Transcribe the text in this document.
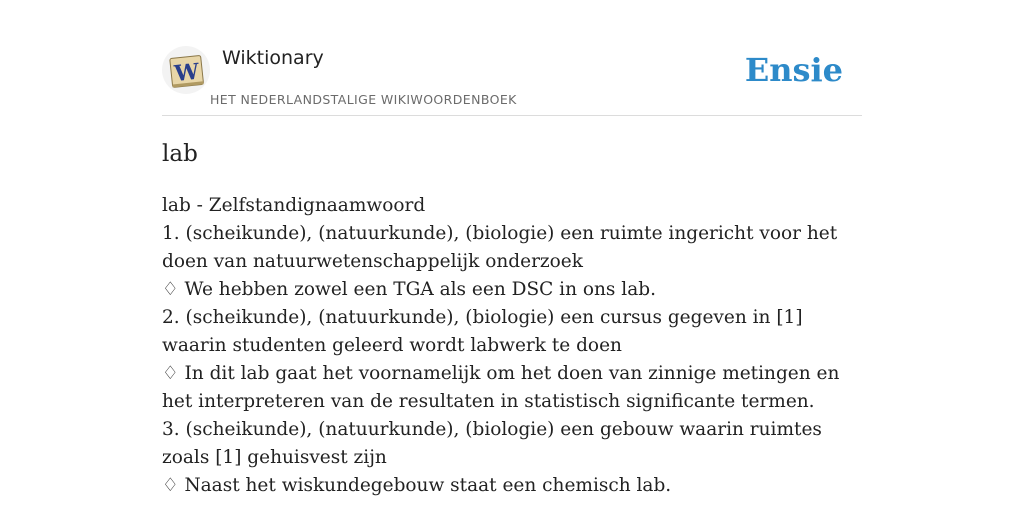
W
Wiktionary
HET NEDERLANDSTALIGE WIKIWOORDENBOEK
Ensie
lab

lab - Zelfstandignaamwoord

1. (scheikunde), (natuurkunde), (biologie) een ruimte ingericht voor het doen van natuurwetenschappelijk onderzoek

♢ We hebben zowel een TGA als een DSC in ons lab.

2. (scheikunde), (natuurkunde), (biologie) een cursus gegeven in [1] waarin studenten geleerd wordt labwerk te doen

♢ In dit lab gaat het voornamelijk om het doen van zinnige metingen en het interpreteren van de resultaten in statistisch significante termen.

3. (scheikunde), (natuurkunde), (biologie) een gebouw waarin ruimtes zoals [1] gehuisvest zijn

♢ Naast het wiskundegebouw staat een chemisch lab.
